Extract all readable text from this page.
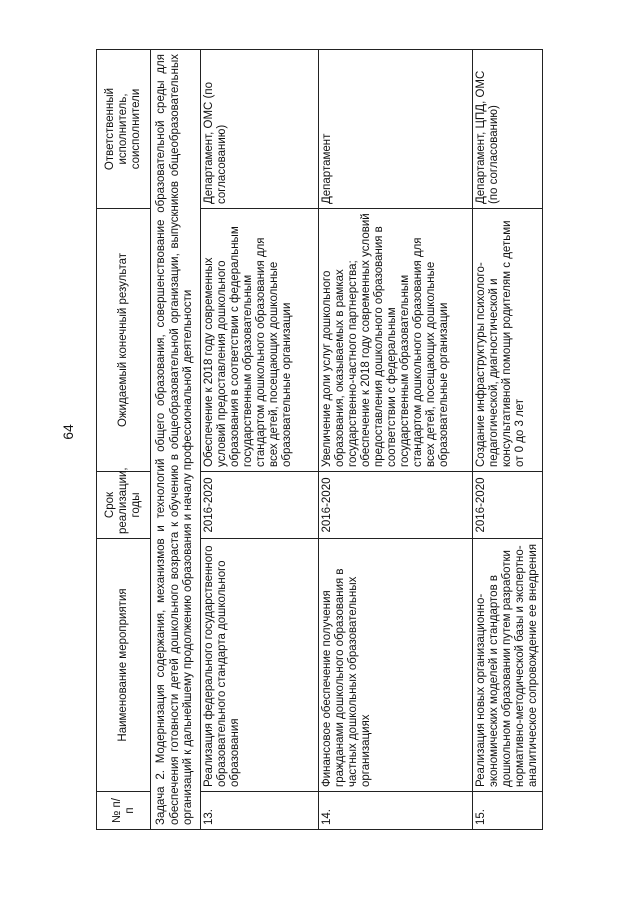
64
№ п/п	Наименование мероприятия	Срок реализации, годы	Ожидаемый конечный результат	Ответственный исполнитель, соисполнители
Задача 2. Модернизация содержания, механизмов и технологий общего образования, совершенствование образовательной среды для обеспечения готовности детей дошкольного возраста к обучению в общеобразовательной организации, выпускников общеобразовательных организаций к дальнейшему продолжению образования и началу профессиональной деятельности				
13.	Реализация федерального государственного образовательного стандарта дошкольного образования	2016-2020	Обеспечение к 2018 году современных условий предоставления дошкольного образования в соответствии с федеральным государственным образовательным стандартом дошкольного образования для всех детей, посещающих дошкольные образовательные организации	Департамент, ОМС (по согласованию)
14.	Финансовое обеспечение получения гражданами дошкольного образования в частных дошкольных образовательных организациях	2016-2020	Увеличение доли услуг дошкольного образования, оказываемых в рамках государственно-частного партнерства; обеспечение к 2018 году современных условий предоставления дошкольного образования в соответствии с федеральным государственным образовательным стандартом дошкольного образования для всех детей, посещающих дошкольные образовательные организации	Департамент
15.	Реализация новых организационно-экономических моделей и стандартов в дошкольном образовании путем разработки нормативно-методической базы и экспертно-аналитическое сопровождение ее внедрения	2016-2020	Создание инфраструктуры психолого-педагогической, диагностической и консультативной помощи родителям с детьми от 0 до 3 лет	Департамент, ЦПД, ОМС (по согласованию)
